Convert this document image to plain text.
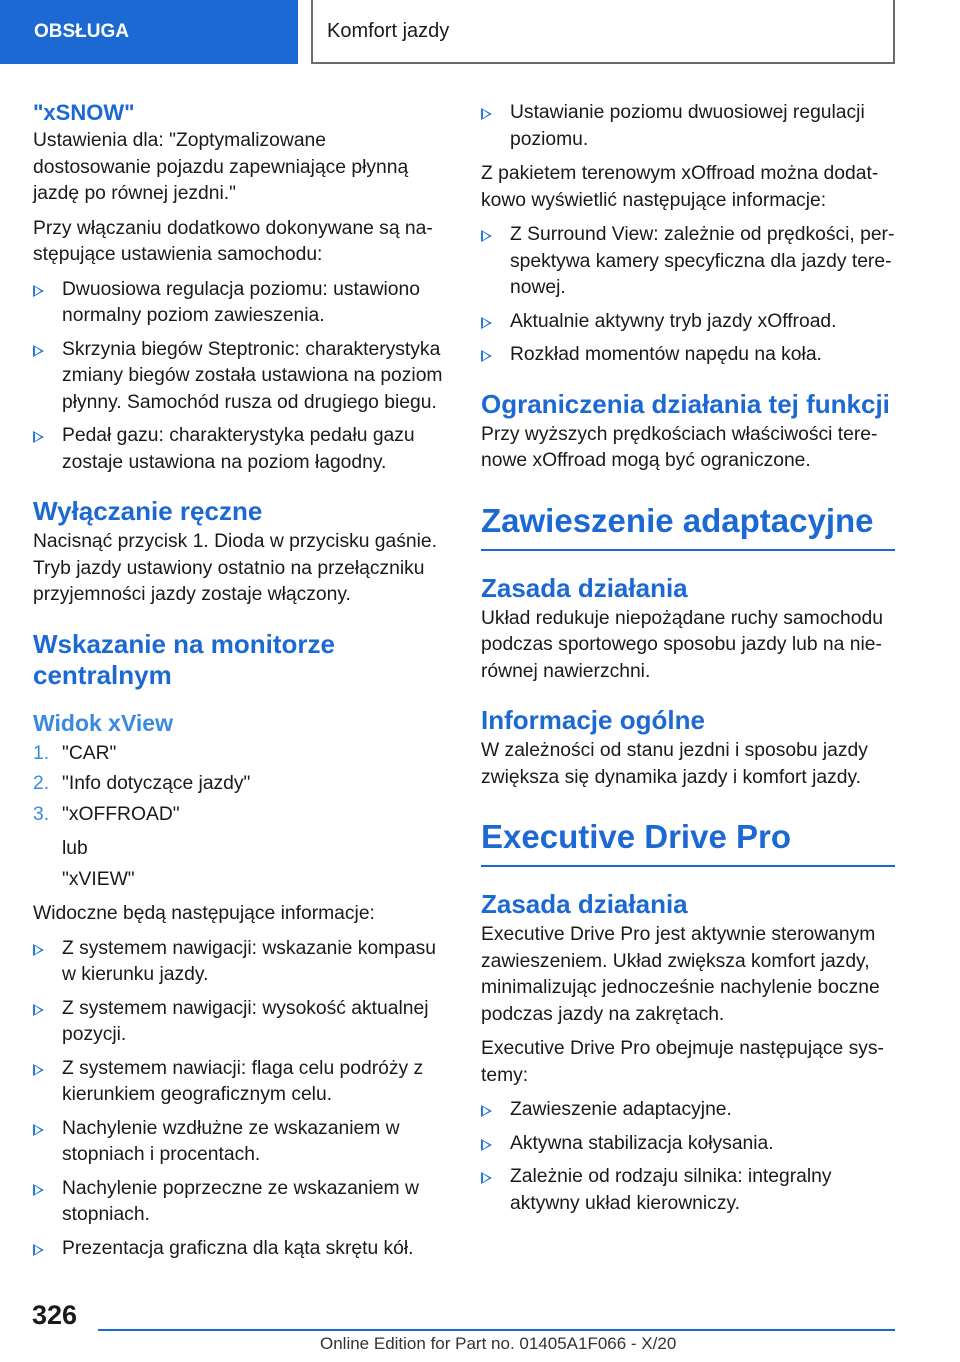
OBSŁUGA	Komfort jazdy
"xSNOW"

Ustawienia dla: "Zoptymalizowane dostosowanie pojazdu zapewniające płynną jazdę po równej jezdni."

Przy włączaniu dodatkowo dokonywane są następujące ustawienia samochodu:

Dwuosiowa regulacja poziomu: ustawiono normalny poziom zawieszenia.
Skrzynia biegów Steptronic: charakterystyka zmiany biegów została ustawiona na poziom płynny. Samochód rusza od drugiego biegu.
Pedał gazu: charakterystyka pedału gazu zostaje ustawiona na poziom łagodny.
Wyłączanie ręczne

Nacisnąć przycisk 1. Dioda w przycisku gaśnie. Tryb jazdy ustawiony ostatnio na przełączniku przyjemności jazdy zostaje włączony.

Wskazanie na monitorze centralnym
Widok xView
1. "CAR"
2. "Info dotyczące jazdy"
3. "xOFFROAD"
lub
"xVIEW"

Widoczne będą następujące informacje:

Z systemem nawigacji: wskazanie kompasu w kierunku jazdy.
Z systemem nawigacji: wysokość aktualnej pozycji.
Z systemem nawiacji: flaga celu podróży z kierunkiem geograficznym celu.
Nachylenie wzdłużne ze wskazaniem w stopniach i procentach.
Nachylenie poprzeczne ze wskazaniem w stopniach.
Prezentacja graficzna dla kąta skrętu kół.
Ustawianie poziomu dwuosiowej regulacji poziomu.

Z pakietem terenowym xOffroad można dodatkowo wyświetlić następujące informacje:

Z Surround View: zależnie od prędkości, perspektywa kamery specyficzna dla jazdy terenowej.
Aktualnie aktywny tryb jazdy xOffroad.
Rozkład momentów napędu na koła.
Ograniczenia działania tej funkcji

Przy wyższych prędkościach właściwości terenowe xOffroad mogą być ograniczone.

Zawieszenie adaptacyjne
Zasada działania

Układ redukuje niepożądane ruchy samochodu podczas sportowego sposobu jazdy lub na nierównej nawierzchni.

Informacje ogólne

W zależności od stanu jezdni i sposobu jazdy zwiększa się dynamika jazdy i komfort jazdy.

Executive Drive Pro
Zasada działania

Executive Drive Pro jest aktywnie sterowanym zawieszeniem. Układ zwiększa komfort jazdy, minimalizując jednocześnie nachylenie boczne podczas jazdy na zakrętach.

Executive Drive Pro obejmuje następujące systemy:

Zawieszenie adaptacyjne.
Aktywna stabilizacja kołysania.
Zależnie od rodzaju silnika: integralny aktywny układ kierowniczy.
326
Online Edition for Part no. 01405A1F066 - X/20
